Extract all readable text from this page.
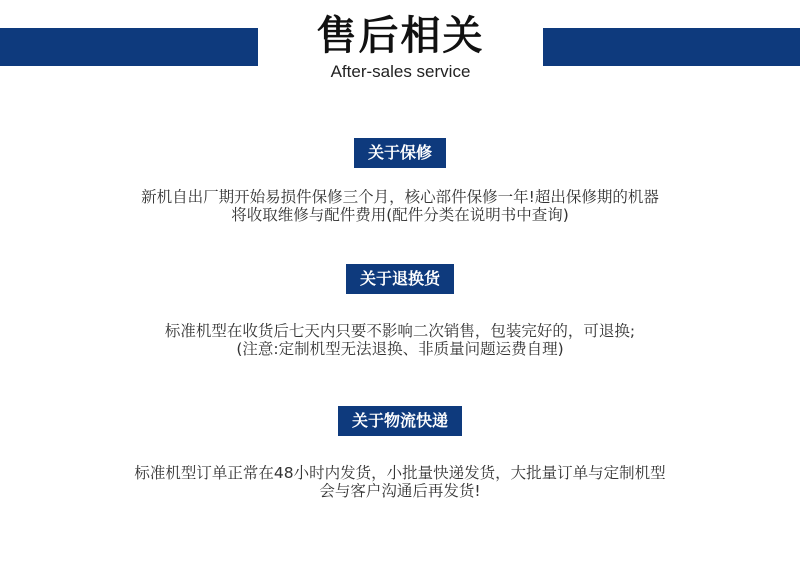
售后相关
After-sales service
关于保修
新机自出厂期开始易损件保修三个月，核心部件保修一年!超出保修期的机器
将收取维修与配件费用(配件分类在说明书中查询)
关于退换货
标准机型在收货后七天内只要不影响二次销售，包装完好的，可退换;
(注意:定制机型无法退换、非质量问题运费自理)
关于物流快递
标准机型订单正常在48小时内发货，小批量快递发货，大批量订单与定制机型
会与客户沟通后再发货!
